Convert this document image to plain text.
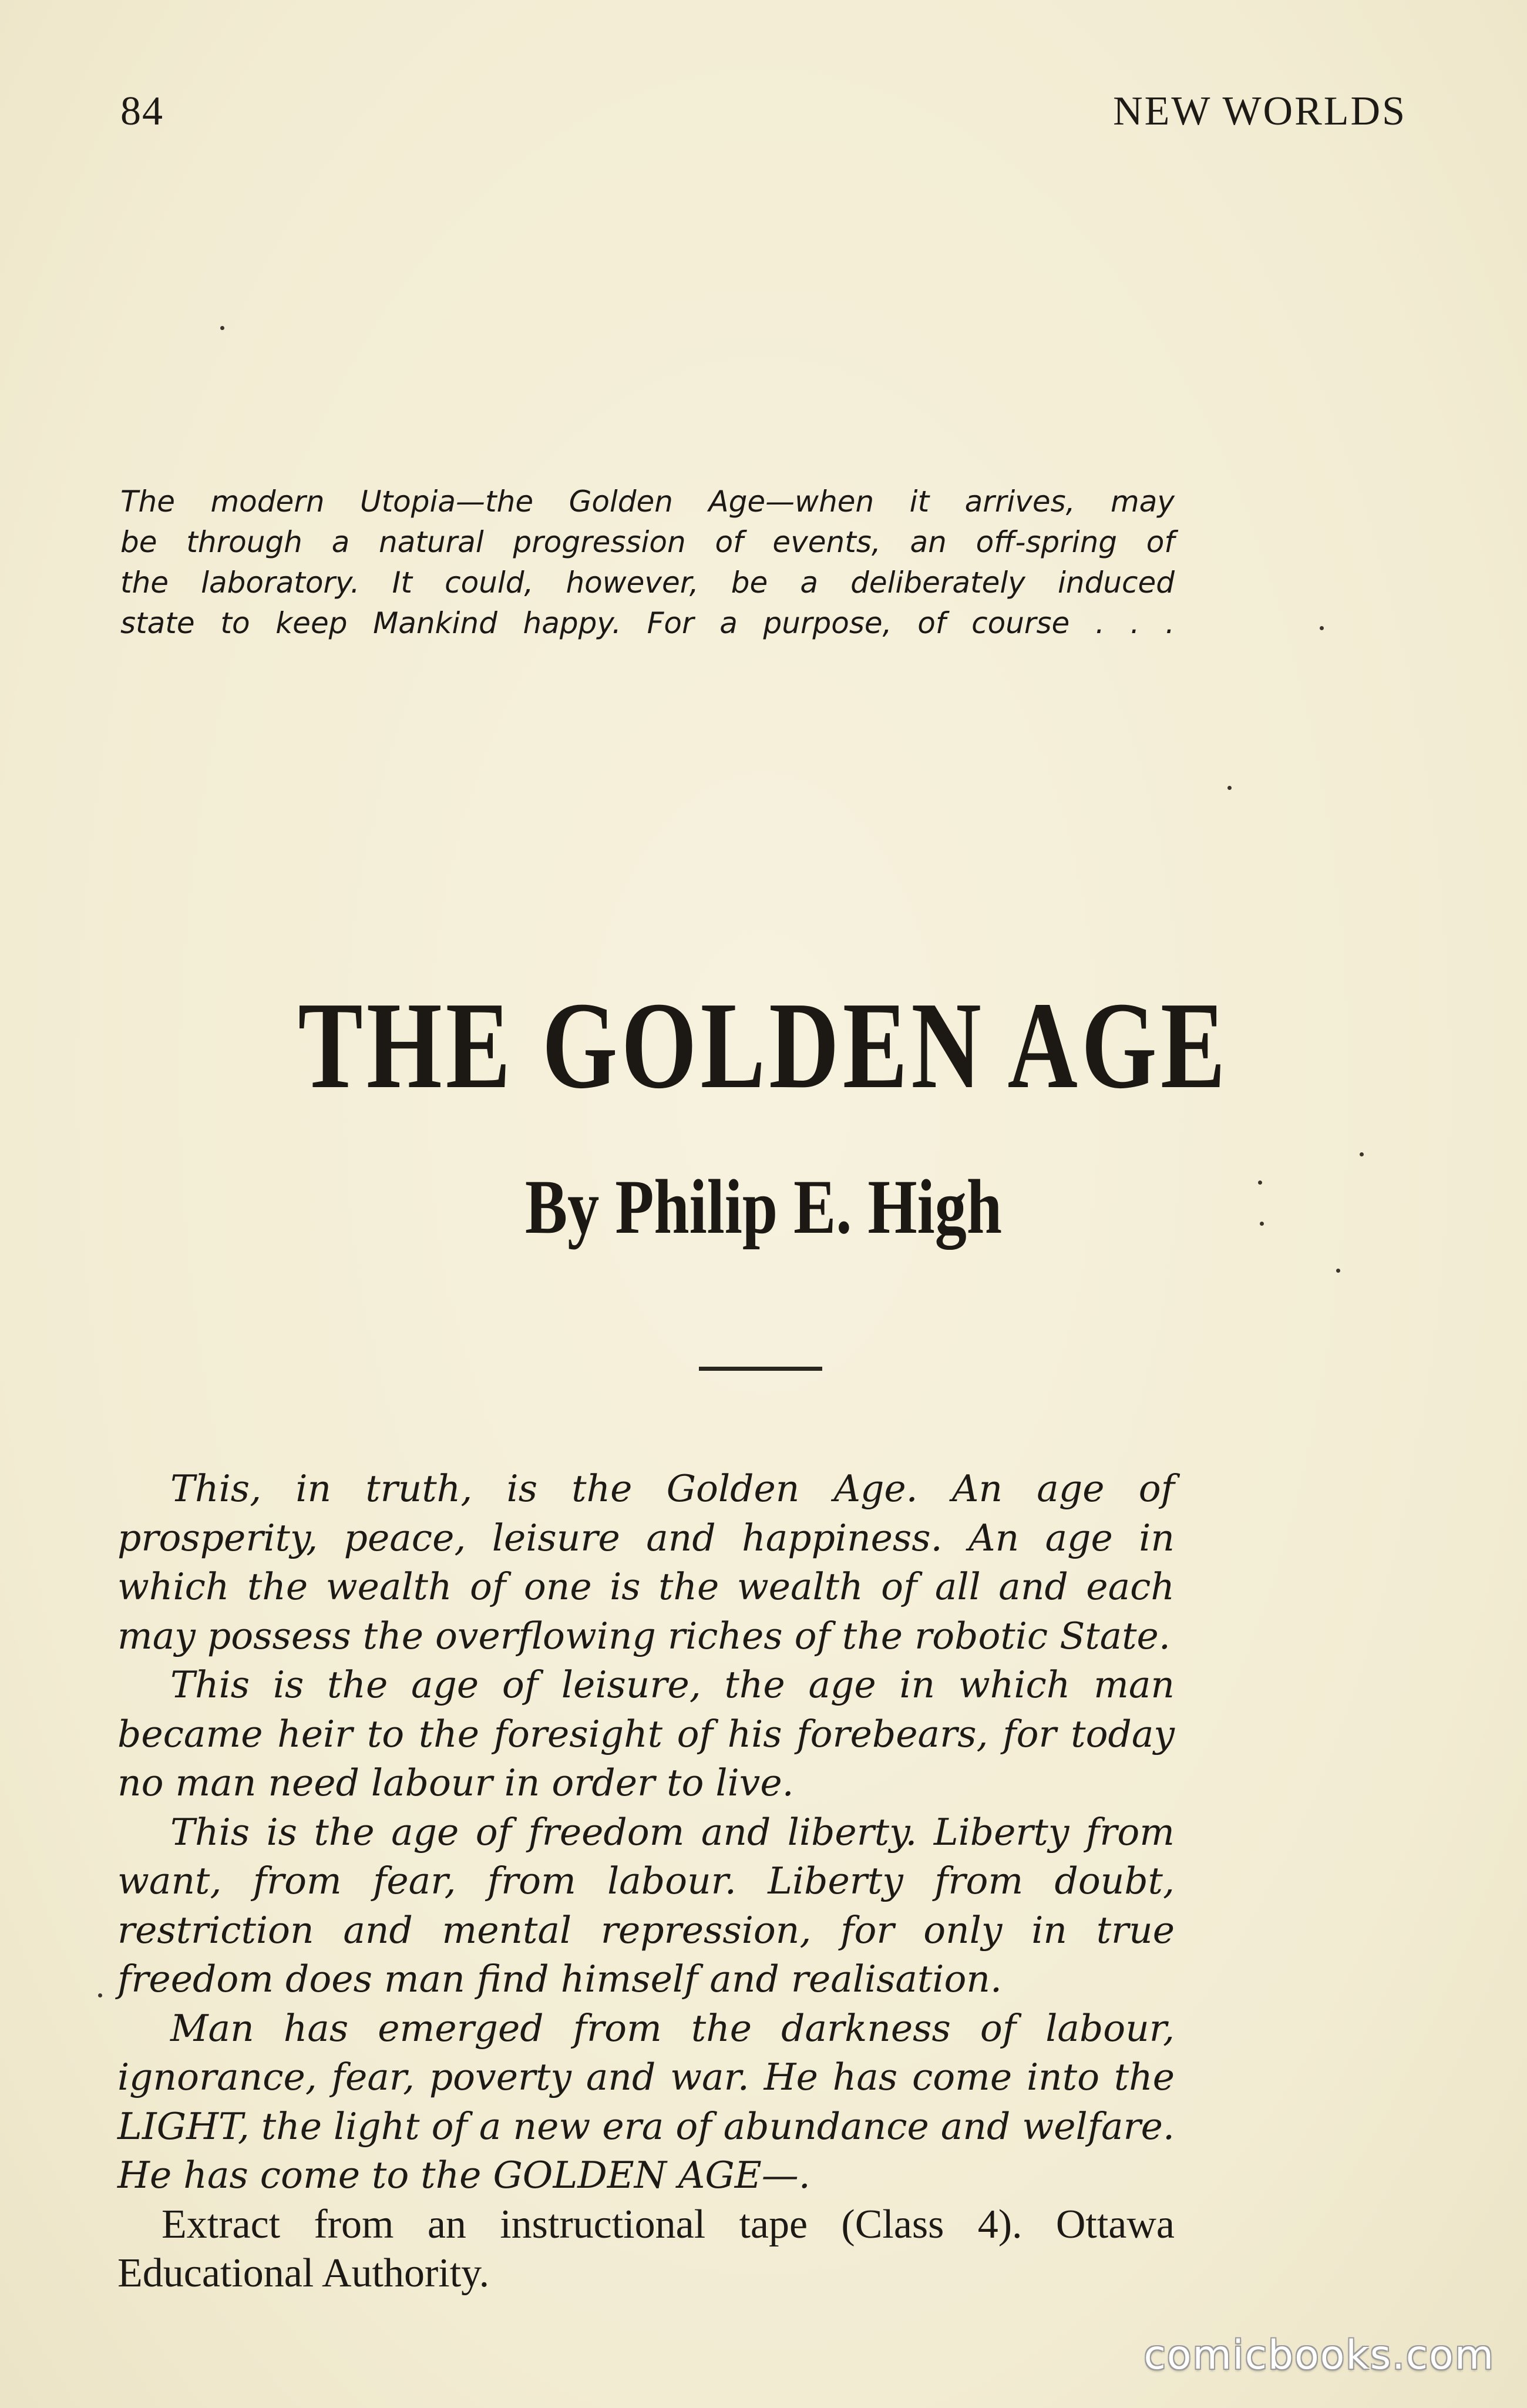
84	NEW WORLDS
The modern Utopia—the Golden Age—when it arrives, may
be through a natural progression of events, an off-spring of
the laboratory. It could, however, be a deliberately induced
state to keep Mankind happy. For a purpose, of course . . .
THE GOLDEN AGE
By Philip E. High

This, in truth, is the Golden Age. An age of prosperity, peace, leisure and happiness. An age in which the wealth of one is the wealth of all and each may possess the overflowing riches of the robotic State.

This is the age of leisure, the age in which man became heir to the foresight of his forebears, for today no man need labour in order to live.

This is the age of freedom and liberty. Liberty from want, from fear, from labour. Liberty from doubt, restriction and mental repression, for only in true freedom does man find himself and realisation.

Man has emerged from the darkness of labour, ignorance, fear, poverty and war. He has come into the LIGHT, the light of a new era of abundance and welfare. He has come to the GOLDEN AGE—.

Extract from an instructional tape (Class 4). Ottawa Educational Authority.

comicbooks.com
